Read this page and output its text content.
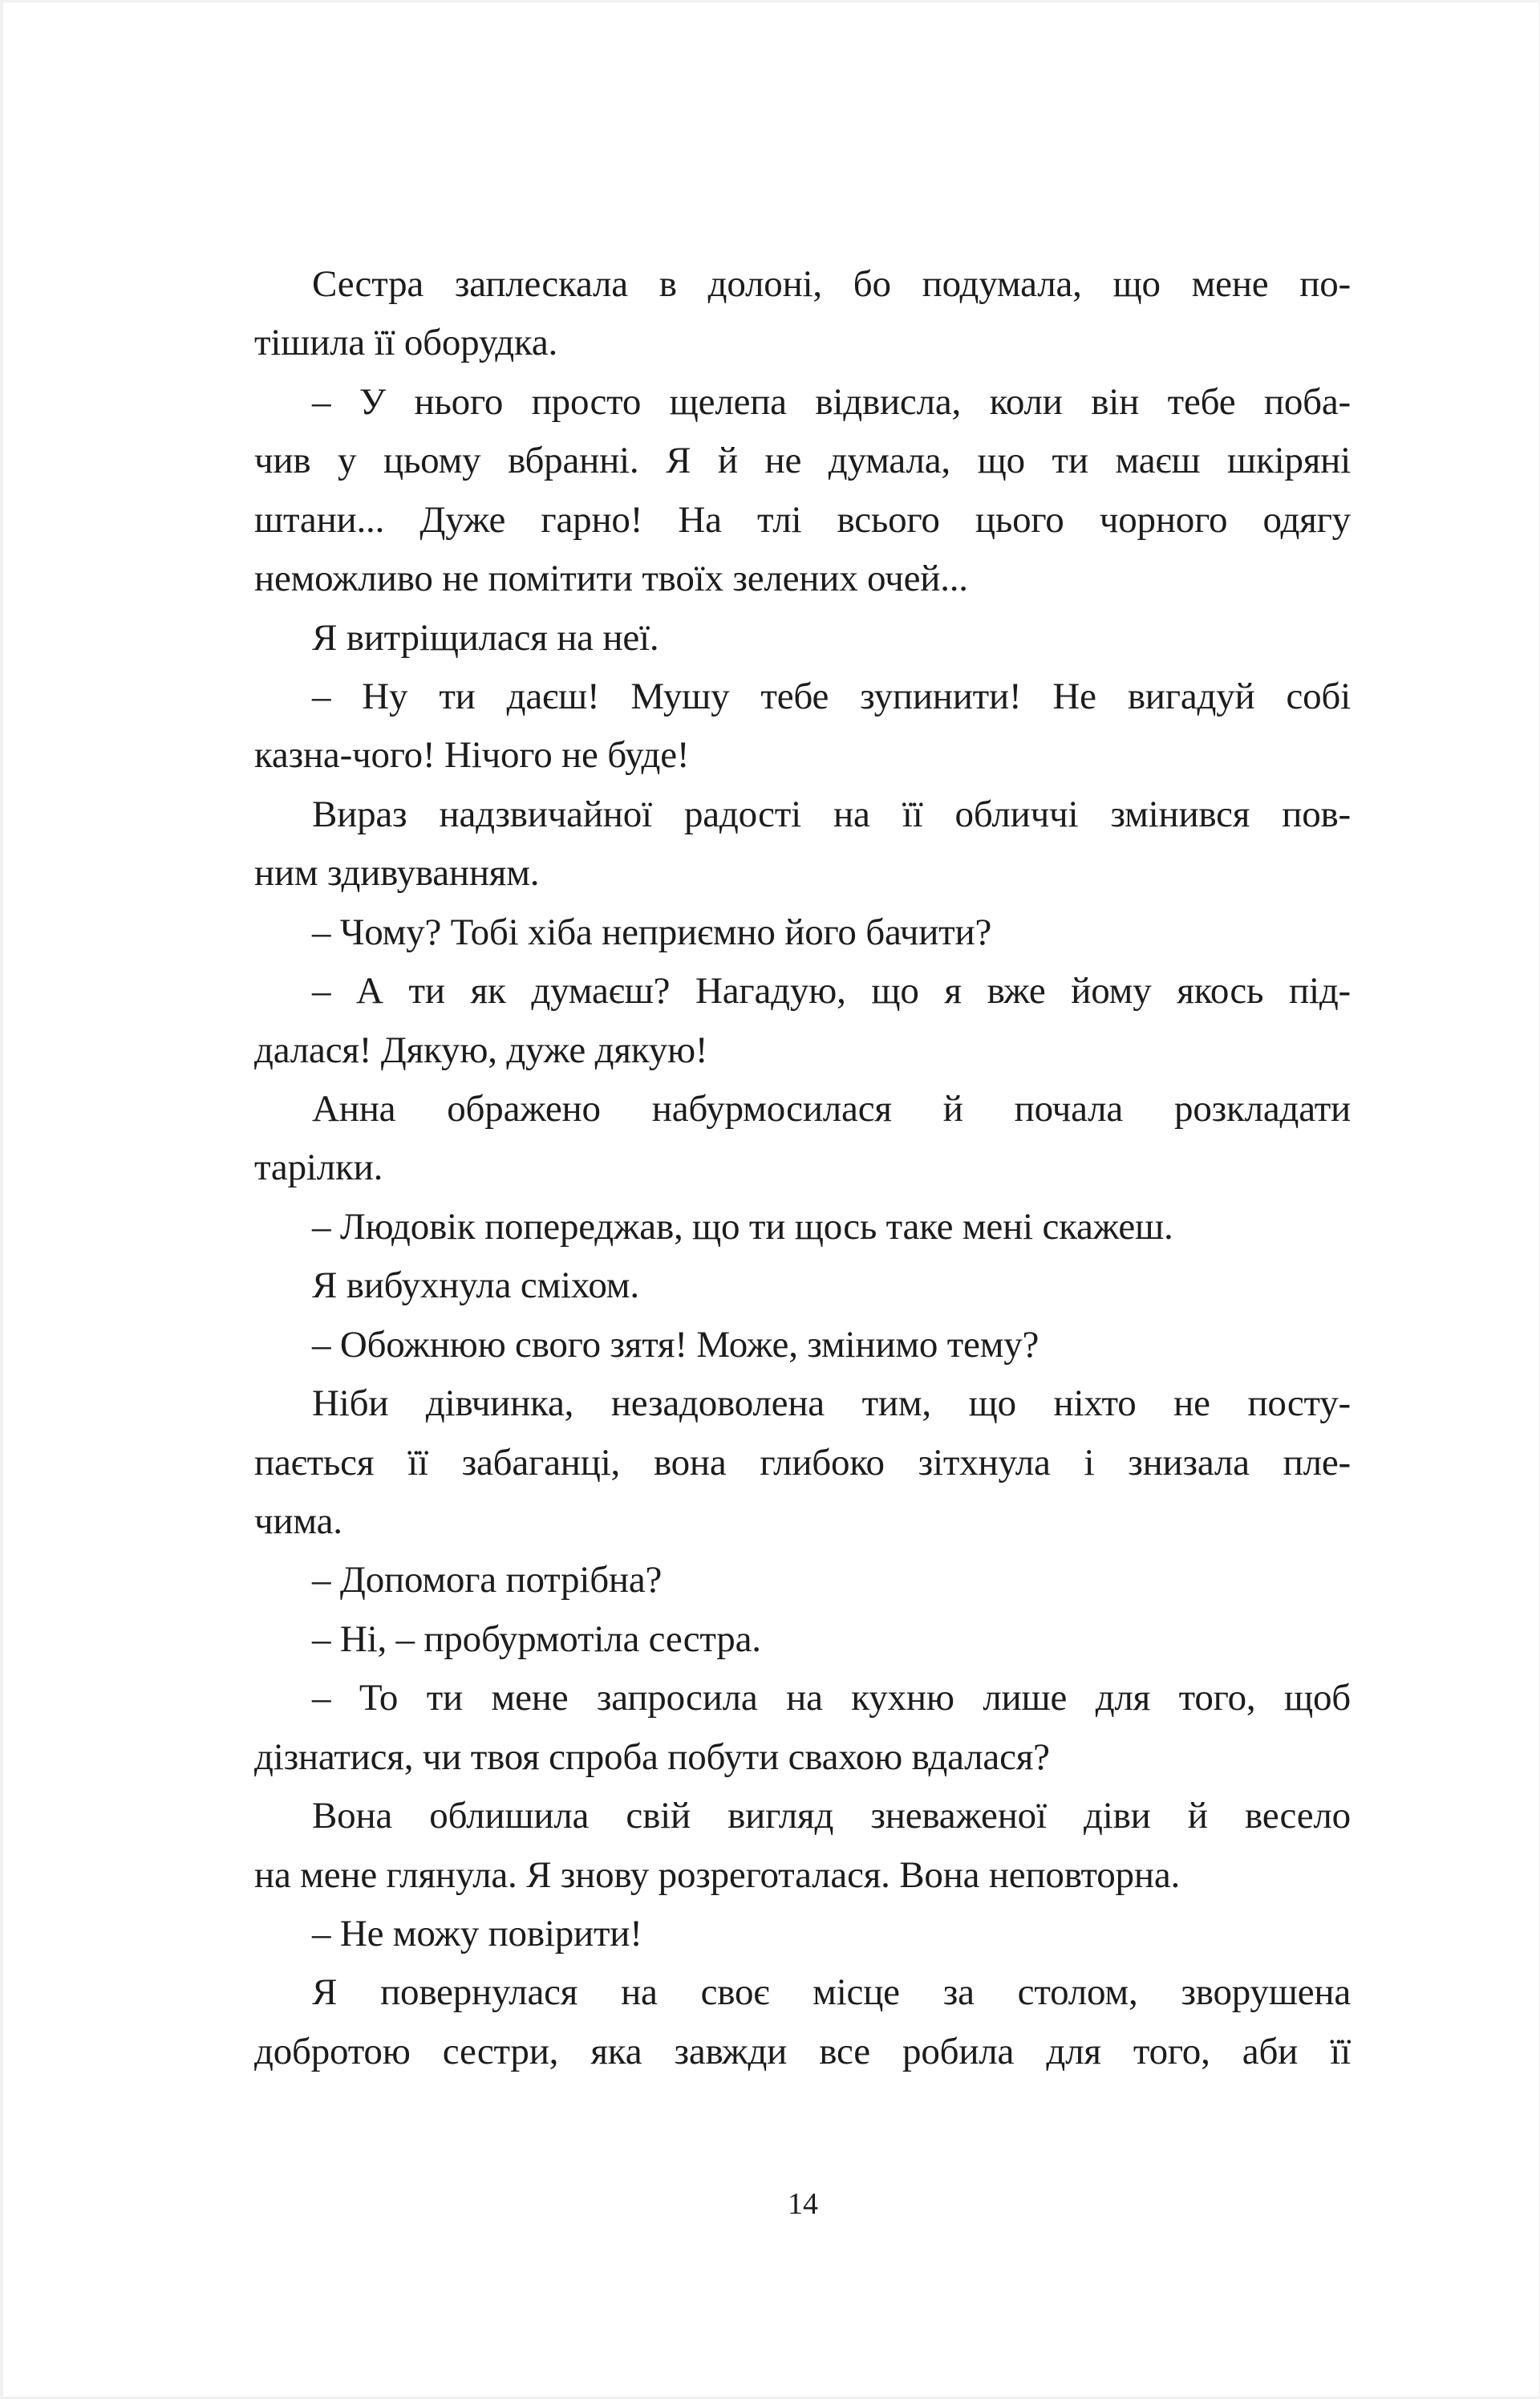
Сестра заплескала в долоні, бо подумала, що мене по-
тішила її оборудка.
– У нього просто щелепа відвисла, коли він тебе поба-
чив у цьому вбранні. Я й не думала, що ти маєш шкіряні
штани... Дуже гарно! На тлі всього цього чорного одягу
неможливо не помітити твоїх зелених очей...
Я витріщилася на неї.
– Ну ти даєш! Мушу тебе зупинити! Не вигадуй собі
казна-чого! Нічого не буде!
Вираз надзвичайної радості на її обличчі змінився пов-
ним здивуванням.
– Чому? Тобі хіба неприємно його бачити?
– А ти як думаєш? Нагадую, що я вже йому якось під-
далася! Дякую, дуже дякую!
Анна ображено набурмосилася й почала розкладати
тарілки.
– Людовік попереджав, що ти щось таке мені скажеш.
Я вибухнула сміхом.
– Обожнюю свого зятя! Може, змінимо тему?
Ніби дівчинка, незадоволена тим, що ніхто не посту-
пається її забаганці, вона глибоко зітхнула і знизала пле-
чима.
– Допомога потрібна?
– Ні, – пробурмотіла сестра.
– То ти мене запросила на кухню лише для того, щоб
дізнатися, чи твоя спроба побути свахою вдалася?
Вона облишила свій вигляд зневаженої діви й весело
на мене глянула. Я знову розреготалася. Вона неповторна.
– Не можу повірити!
Я повернулася на своє місце за столом, зворушена
добротою сестри, яка завжди все робила для того, аби її
14
